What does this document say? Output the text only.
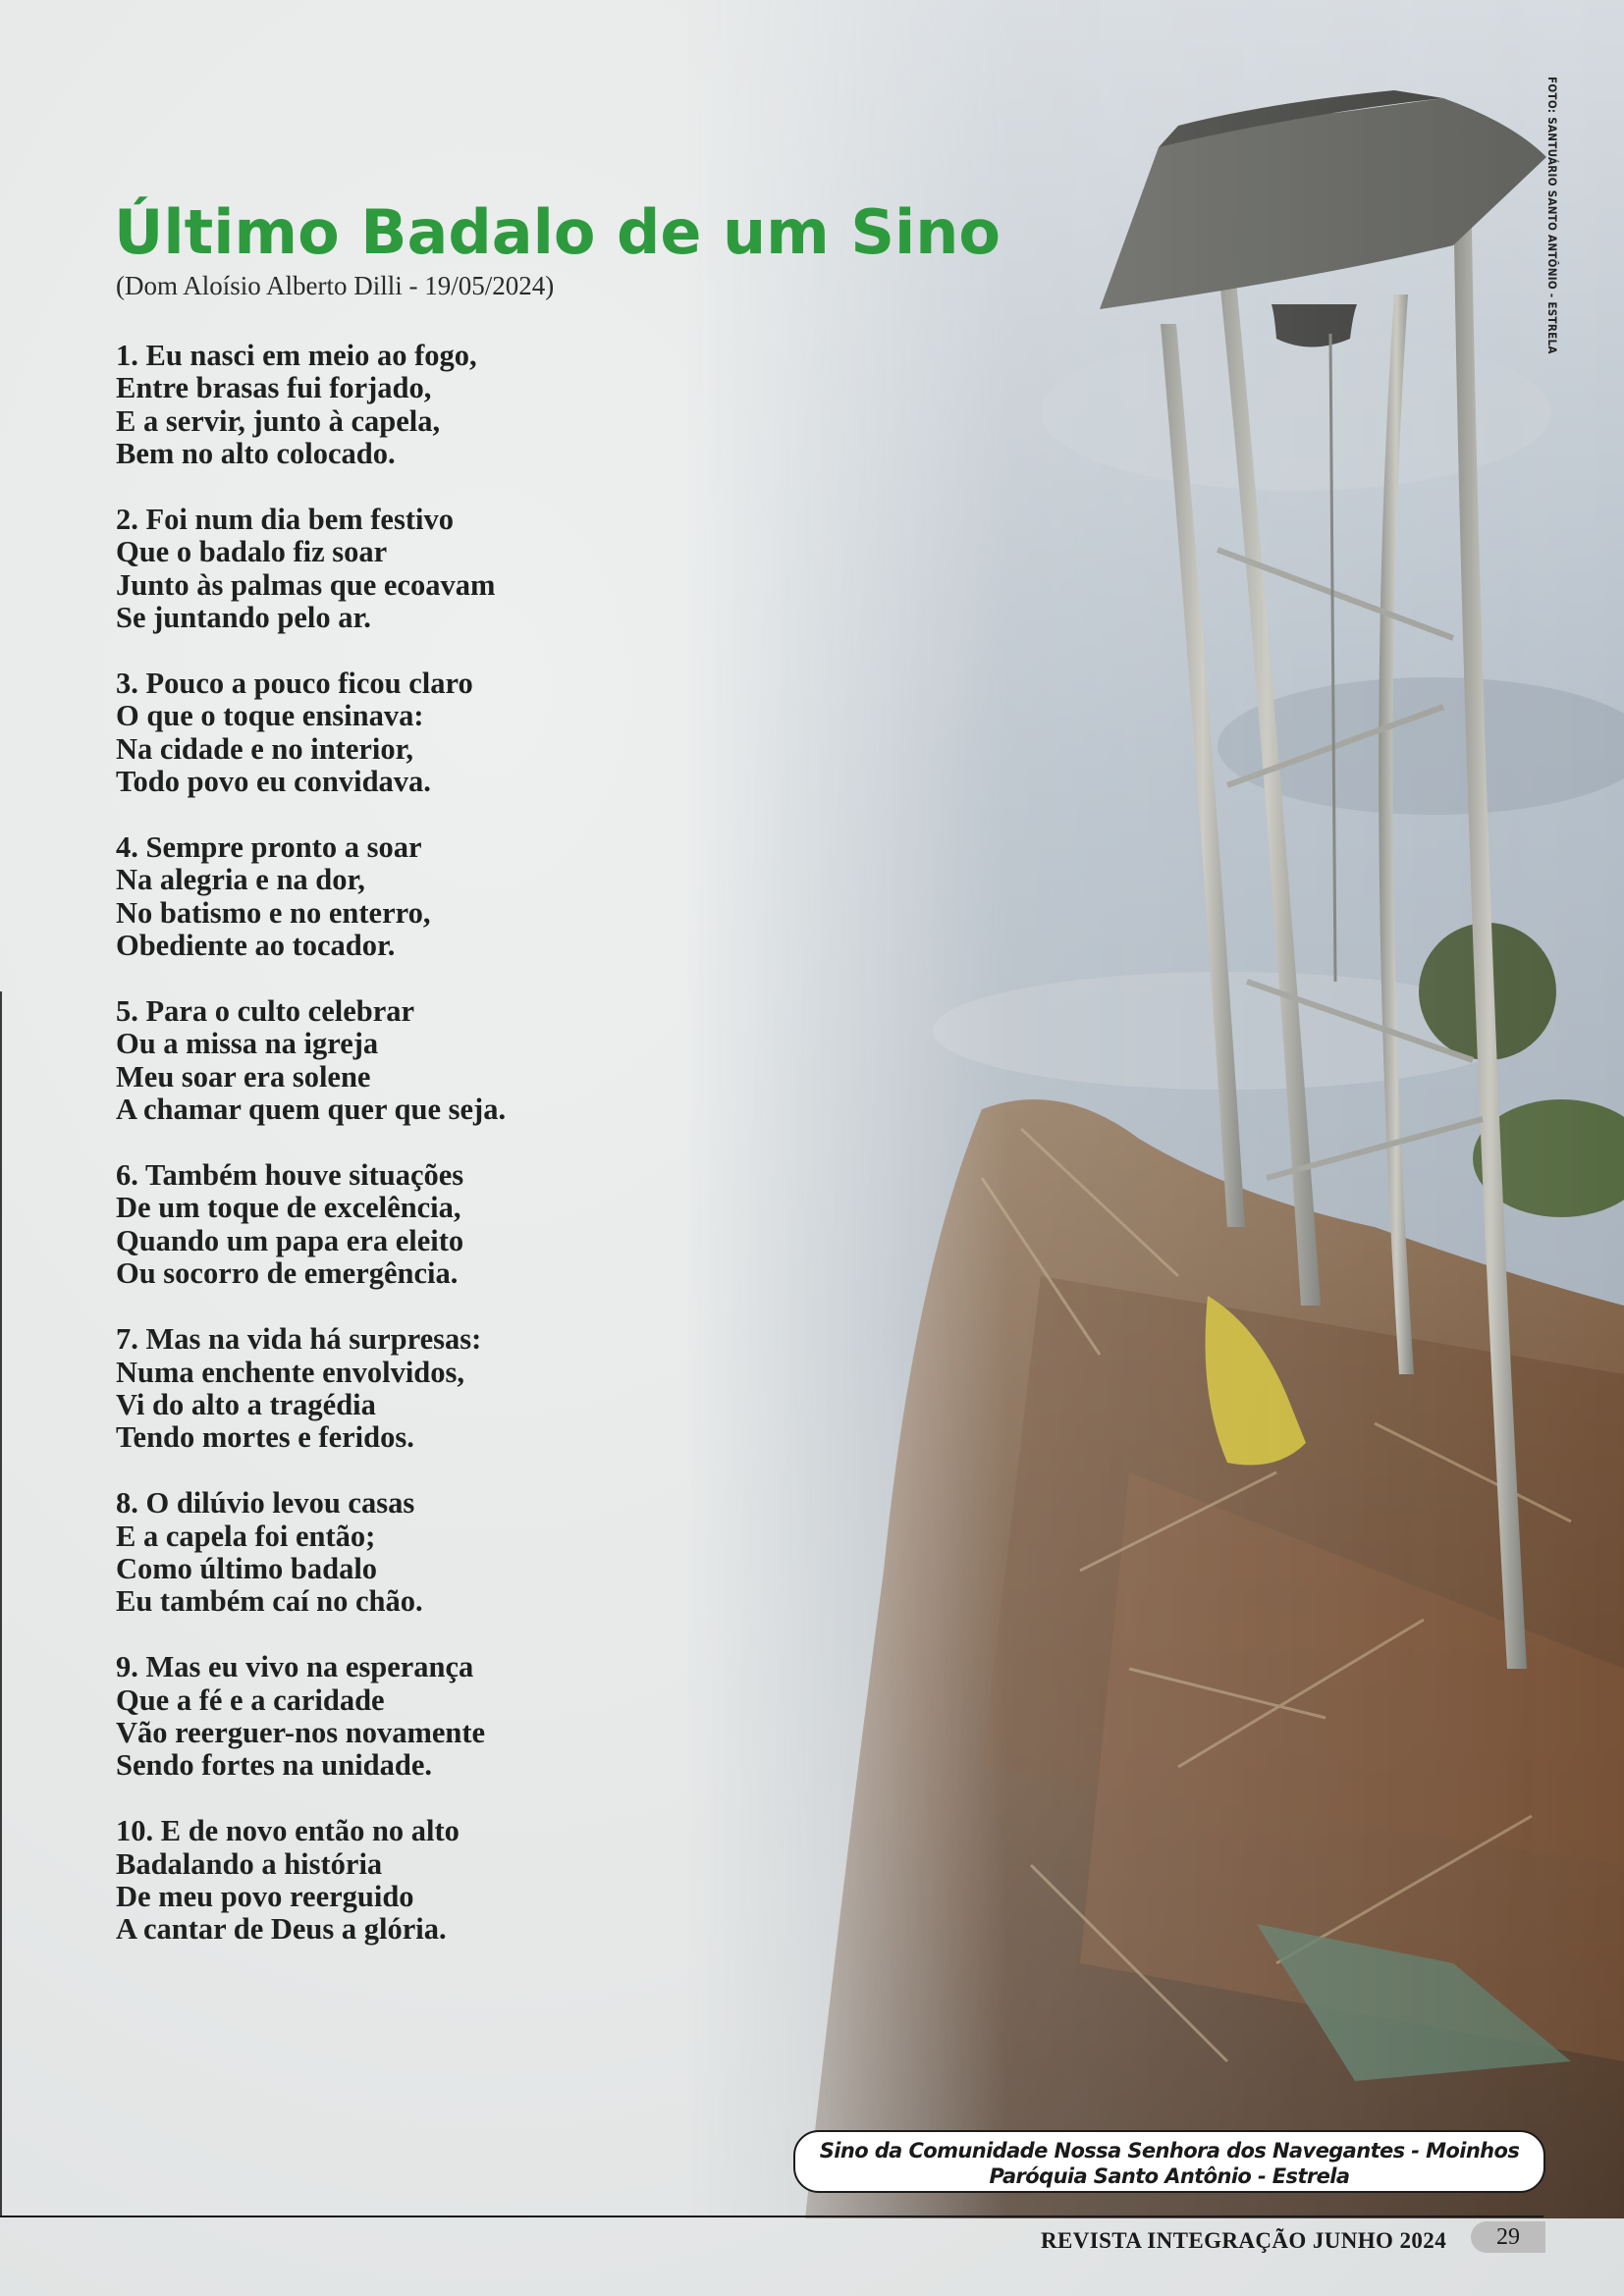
Último Badalo de um Sino
(Dom Aloísio Alberto Dilli - 19/05/2024)
1. Eu nasci em meio ao fogo,
Entre brasas fui forjado,
E a servir, junto à capela,
Bem no alto colocado.
2. Foi num dia bem festivo
Que o badalo fiz soar
Junto às palmas que ecoavam
Se juntando pelo ar.
3. Pouco a pouco ficou claro
O que o toque ensinava:
Na cidade e no interior,
Todo povo eu convidava.
4. Sempre pronto a soar
Na alegria e na dor,
No batismo e no enterro,
Obediente ao tocador.
5. Para o culto celebrar
Ou a missa na igreja
Meu soar era solene
A chamar quem quer que seja.
6. Também houve situações
De um toque de excelência,
Quando um papa era eleito
Ou socorro de emergência.
7. Mas na vida há surpresas:
Numa enchente envolvidos,
Vi do alto a tragédia
Tendo mortes e feridos.
8. O dilúvio levou casas
E a capela foi então;
Como último badalo
Eu também caí no chão.
9. Mas eu vivo na esperança
Que a fé e a caridade
Vão reerguer-nos novamente
Sendo fortes na unidade.
10. E de novo então no alto
Badalando a história
De meu povo reerguido
A cantar de Deus a glória.
FOTO: SANTUÁRIO SANTO ANTÔNIO - ESTRELA
Sino da Comunidade Nossa Senhora dos Navegantes - Moinhos
Paróquia Santo Antônio - Estrela
REVISTA INTEGRAÇÃO JUNHO 2024	29
